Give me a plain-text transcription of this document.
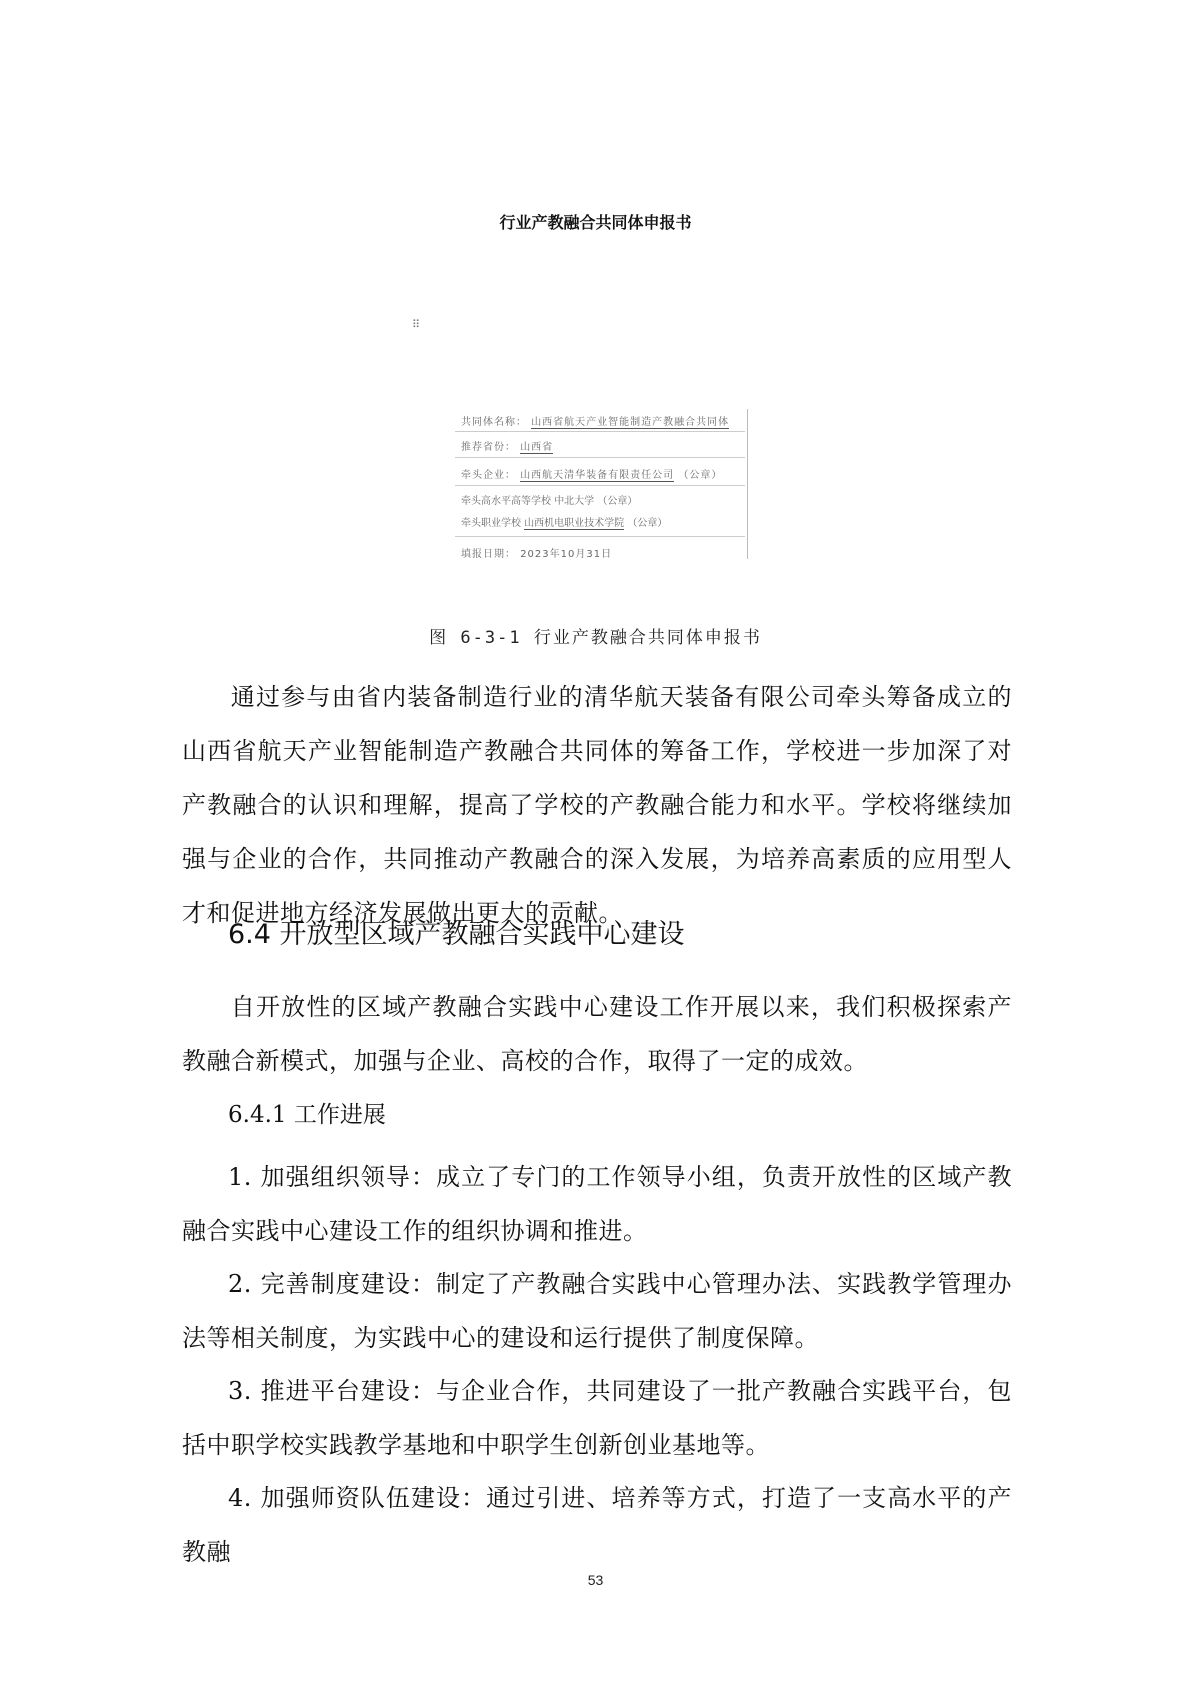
行业产教融合共同体申报书
⠿
共同体名称： 山西省航天产业智能制造产教融合共同体
推荐省份： 山西省
牵头企业： 山西航天清华装备有限责任公司 （公章）
牵头高水平高等学校 中北大学 （公章）
牵头职业学校 山西机电职业技术学院 （公章）
填报日期： 2023年10月31日
图 6-3-1 行业产教融合共同体申报书

通过参与由省内装备制造行业的清华航天装备有限公司牵头筹备成立的山西省航天产业智能制造产教融合共同体的筹备工作，学校进一步加深了对产教融合的认识和理解，提高了学校的产教融合能力和水平。学校将继续加强与企业的合作，共同推动产教融合的深入发展，为培养高素质的应用型人才和促进地方经济发展做出更大的贡献。

6.4 开放型区域产教融合实践中心建设

自开放性的区域产教融合实践中心建设工作开展以来，我们积极探索产教融合新模式，加强与企业、高校的合作，取得了一定的成效。

6.4.1 工作进展

1. 加强组织领导：成立了专门的工作领导小组，负责开放性的区域产教融合实践中心建设工作的组织协调和推进。

2. 完善制度建设：制定了产教融合实践中心管理办法、实践教学管理办法等相关制度，为实践中心的建设和运行提供了制度保障。

3. 推进平台建设：与企业合作，共同建设了一批产教融合实践平台，包括中职学校实践教学基地和中职学生创新创业基地等。

4. 加强师资队伍建设：通过引进、培养等方式，打造了一支高水平的产教融

53
